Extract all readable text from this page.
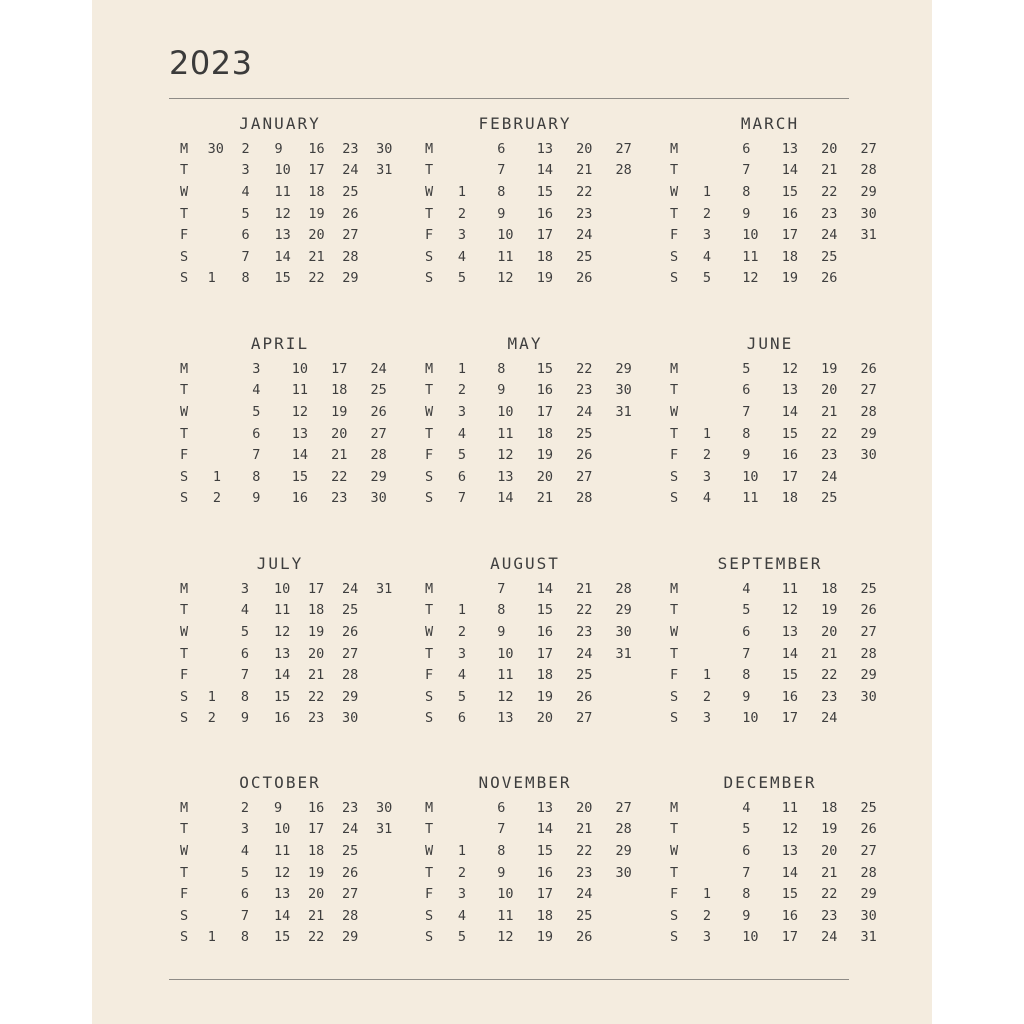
2023
JANUARY
M	30	2	9	16	23	30
T		3	10	17	24	31
W		4	11	18	25	
T		5	12	19	26	
F		6	13	20	27	
S		7	14	21	28	
S	1	8	15	22	29	
FEBRUARY
M		6	13	20	27
T		7	14	21	28
W	1	8	15	22	
T	2	9	16	23	
F	3	10	17	24	
S	4	11	18	25	
S	5	12	19	26	
MARCH
M		6	13	20	27
T		7	14	21	28
W	1	8	15	22	29
T	2	9	16	23	30
F	3	10	17	24	31
S	4	11	18	25	
S	5	12	19	26	
APRIL
M		3	10	17	24
T		4	11	18	25
W		5	12	19	26
T		6	13	20	27
F		7	14	21	28
S	1	8	15	22	29
S	2	9	16	23	30
MAY
M	1	8	15	22	29
T	2	9	16	23	30
W	3	10	17	24	31
T	4	11	18	25	
F	5	12	19	26	
S	6	13	20	27	
S	7	14	21	28	
JUNE
M		5	12	19	26
T		6	13	20	27
W		7	14	21	28
T	1	8	15	22	29
F	2	9	16	23	30
S	3	10	17	24	
S	4	11	18	25	
JULY
M		3	10	17	24	31
T		4	11	18	25	
W		5	12	19	26	
T		6	13	20	27	
F		7	14	21	28	
S	1	8	15	22	29	
S	2	9	16	23	30	
AUGUST
M		7	14	21	28
T	1	8	15	22	29
W	2	9	16	23	30
T	3	10	17	24	31
F	4	11	18	25	
S	5	12	19	26	
S	6	13	20	27	
SEPTEMBER
M		4	11	18	25
T		5	12	19	26
W		6	13	20	27
T		7	14	21	28
F	1	8	15	22	29
S	2	9	16	23	30
S	3	10	17	24	
OCTOBER
M		2	9	16	23	30
T		3	10	17	24	31
W		4	11	18	25	
T		5	12	19	26	
F		6	13	20	27	
S		7	14	21	28	
S	1	8	15	22	29	
NOVEMBER
M		6	13	20	27
T		7	14	21	28
W	1	8	15	22	29
T	2	9	16	23	30
F	3	10	17	24	
S	4	11	18	25	
S	5	12	19	26	
DECEMBER
M		4	11	18	25
T		5	12	19	26
W		6	13	20	27
T		7	14	21	28
F	1	8	15	22	29
S	2	9	16	23	30
S	3	10	17	24	31
